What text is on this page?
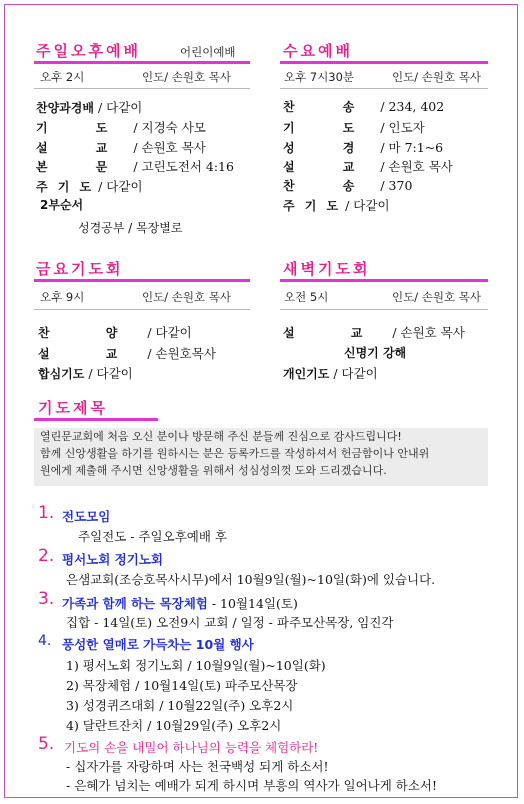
주일오후예배	어린이예배
오후 2시	인도/ 손원호 목사
찬양과경배 / 다같이
기 도 / 지경숙 사모
설 교 / 손원호 목사
본 문 / 고린도전서 4:16
주 기 도 / 다같이
2부순서
성경공부 / 목장별로
수요예배
오후 7시30분	인도/ 손원호 목사
찬 송 / 234, 402
기 도 / 인도자
성 경 / 마 7:1~6
설 교 / 손원호 목사
찬 송 / 370
주 기 도 / 다같이
금요기도회
오후 9시	인도/ 손원호 목사
찬 양 / 다같이
설 교 / 손원호목사
합심기도 / 다같이
새벽기도회
오전 5시	인도/ 손원호 목사
설 교 / 손원호 목사
신명기 강해
개인기도 / 다같이
기도제목
열린문교회에 처음 오신 분이나 방문해 주신 분들께 진심으로 감사드립니다!
함께 신앙생활을 하기를 원하시는 분은 등록카드를 작성하셔서 헌금함이나 안내위
원에게 제출해 주시면 신앙생활을 위해서 성심성의껏 도와 드리겠습니다.
1. 전도모임
주일전도 - 주일오후예배 후
2. 평서노회 정기노회
은샘교회(조승호목사시무)에서 10월9일(월)~10일(화)에 있습니다.
3. 가족과 함께 하는 목장체험 - 10월14일(토)
집합 - 14일(토) 오전9시 교회 / 일정 - 파주모산목장, 임진각
4. 풍성한 열매로 가득차는 10월 행사
1) 평서노회 정기노회 / 10월9일(월)~10일(화)
2) 목장체험 / 10월14일(토) 파주모산목장
3) 성경퀴즈대회 / 10월22일(주) 오후2시
4) 달란트잔치 / 10월29일(주) 오후2시
5. 기도의 손을 내밀어 하나님의 능력을 체험하라!
- 십자가를 자랑하며 사는 천국백성 되게 하소서!
- 은혜가 넘치는 예배가 되게 하시며 부흥의 역사가 일어나게 하소서!
